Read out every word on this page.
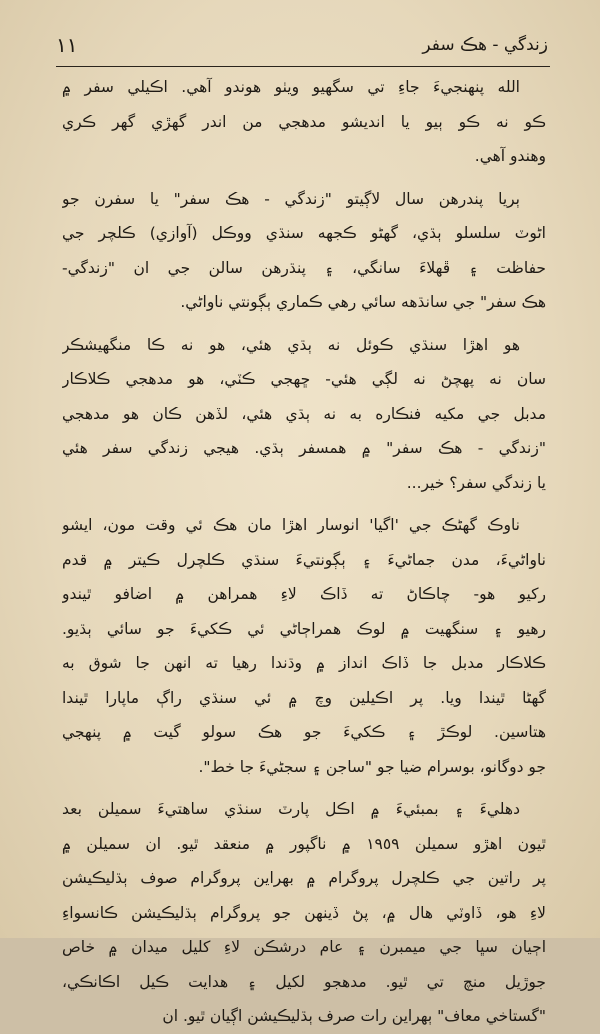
١١	زندگي - هڪ سفر
الله پنهنجيءَ جاءِ تي سگهيو ويٺو هوندو آهي. اڪيلي سفر ۾
ڪو نه ڪو ٻيو يا انديشو مدهجي من اندر گهڙي گهر ڪري
وهندو آهي.
ٻريا پندرهن سال لاڳيتو "زندگي - هڪ سفر" يا سفرن جو
اڻوٽ سلسلو ٻڌي، گهڻو ڪجهه سنڌي ووڪل (آوازي) ڪلچر جي
حفاظت ۽ ڦهلاءَ سانگي، ۽ پنڌرهن سالن جي ان "زندگي-
هڪ سفر" جي سانڌهه سائي رهي ڪماري ٻڳونتي ناواڻي.
هو اهڙا سنڌي ڪوئل نه ٻڌي هئي، هو نه ڪا منگهيشڪر
سان نه پهچڻ نه لڳي هئي- ڇهجي ڪٽي، هو مدهجي ڪلاڪار
مدبل جي مکيه فنڪاره به نه ٻڌي هئي، لڏهن ڪان هو مدهجي
"زندگي - هڪ سفر" ۾ همسفر ٻڌي. هيجي زندگي سفر هئي
يا زندگي سفر؟ خير...
ناوڪ گهڻڪ جي 'اگيا' انوسار اهڙا مان هڪ ئي وقت مون، ايشو
ناواڻيءَ، مدن جماڻيءَ ۽ ٻڳونتيءَ سنڌي ڪلچرل ڪيتر ۾ قدم
رکيو هو- چاڪاڻ ته ڏاڪ لاءِ همراهن ۾ اضافو ٿيندو
رهيو ۽ سنگهيت ۾ لوڪ همراڄاڻي ئي ڪکيءَ جو سائي ٻڌيو.
ڪلاڪار مدبل جا ڏاڪ انداز ۾ وڌندا رهيا ته انهن جا شوق به
گهڻا ٿيندا ويا. پر اڪيلين وچ ۾ ئي سنڌي راڳ ماپارا ٿيندا
هتاسين. لوڪڙ ۽ ڪکيءَ جو هڪ سولو گيت ۾ پنهجي
جو دوگانو، بوسرام ضيا جو "ساجن ۽ سجڻيءَ جا خط".
دهليءَ ۽ بمبئيءَ ۾ اڪل پارٽ سنڌي ساهتيءَ سميلن بعد
ٿيون اهڙو سميلن ١٩٥٩ ۾ ناگپور ۾ منعقد ٿيو. ان سميلن ۾
پر راتين جي ڪلچرل پروگرام ۾ بهراين پروگرام صوف ٻڌليڪيشن
لاءِ هو، ڏاوٽي هال ۾، پڻ ڏينهن جو پروگرام ٻڌليڪيشن ڪانسواءِ
اڄيان سڀا جي ميمبرن ۽ عام درشڪن لاءِ کليل ميدان ۾ خاص
جوڙيل منچ تي ٿيو. مدهجو لکيل ۽ هدايت ڪيل اڪانڪي،
"گستاخي معاف" ٻهراين رات صرف ٻڌليڪيشن اڳيان ٿيو. ان
